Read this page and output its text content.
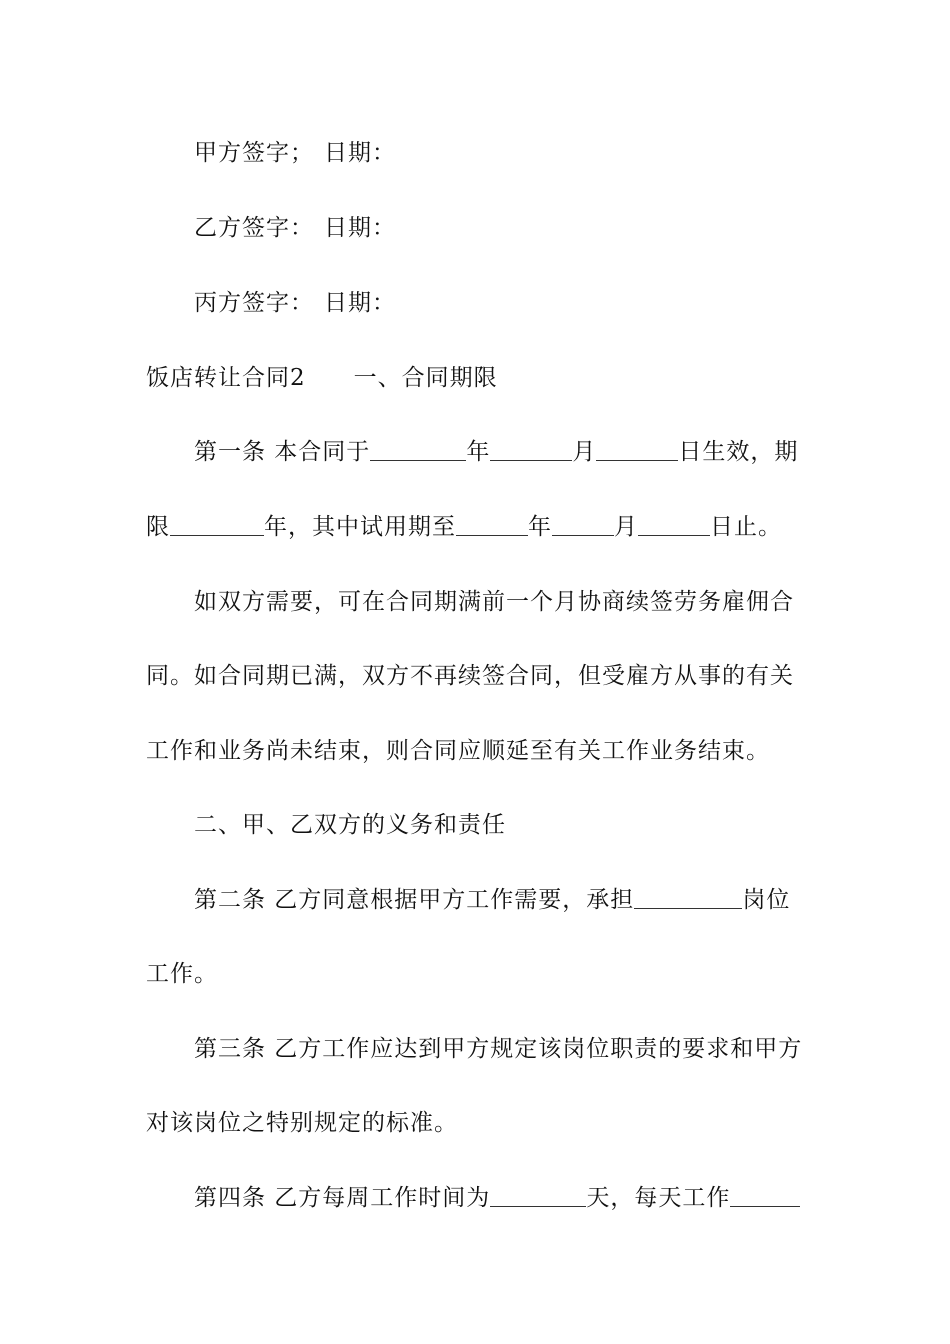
甲方签字； 日期：
乙方签字： 日期：
丙方签字： 日期：
饭店转让合同2 一、合同期限
第一条 本合同于	年	月	日生效，期
限	年，其中试用期至	年	月	日止。
如双方需要，可在合同期满前一个月协商续签劳务雇佣合
同。如合同期已满，双方不再续签合同，但受雇方从事的有关
工作和业务尚未结束，则合同应顺延至有关工作业务结束。
二、甲、乙双方的义务和责任
第二条 乙方同意根据甲方工作需要，承担	岗位
工作。
第三条 乙方工作应达到甲方规定该岗位职责的要求和甲方
对该岗位之特别规定的标准。
第四条 乙方每周工作时间为	天，每天工作
